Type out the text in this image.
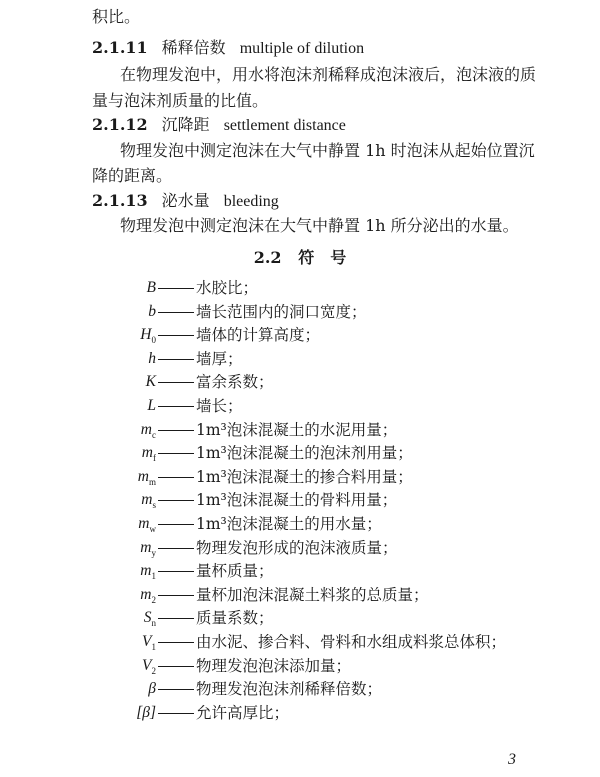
积比。
2.1.11 稀释倍数 multiple of dilution
在物理发泡中，用水将泡沫剂稀释成泡沫液后，泡沫液的质
量与泡沫剂质量的比值。
2.1.12 沉降距 settlement distance
物理发泡中测定泡沫在大气中静置 1h 时泡沫从起始位置沉
降的距离。
2.1.13 泌水量 bleeding
物理发泡中测定泡沫在大气中静置 1h 所分泌出的水量。
2.2 符　号
B	水胶比；
b	墙长范围内的洞口宽度；
$H_0$	墙体的计算高度；
h	墙厚；
K	富余系数；
L	墙长；
$m_c$	1m³泡沫混凝土的水泥用量；
$m_f$	1m³泡沫混凝土的泡沫剂用量；
$m_m$	1m³泡沫混凝土的掺合料用量；
$m_s$	1m³泡沫混凝土的骨料用量；
$m_w$	1m³泡沫混凝土的用水量；
$m_y$	物理发泡形成的泡沫液质量；
$m_1$	量杯质量；
$m_2$	量杯加泡沫混凝土料浆的总质量；
$S_n$	质量系数；
$V_1$	由水泥、掺合料、骨料和水组成料浆总体积；
$V_2$	物理发泡泡沫添加量；
β	物理发泡泡沫剂稀释倍数；
[β]	允许高厚比；
3
